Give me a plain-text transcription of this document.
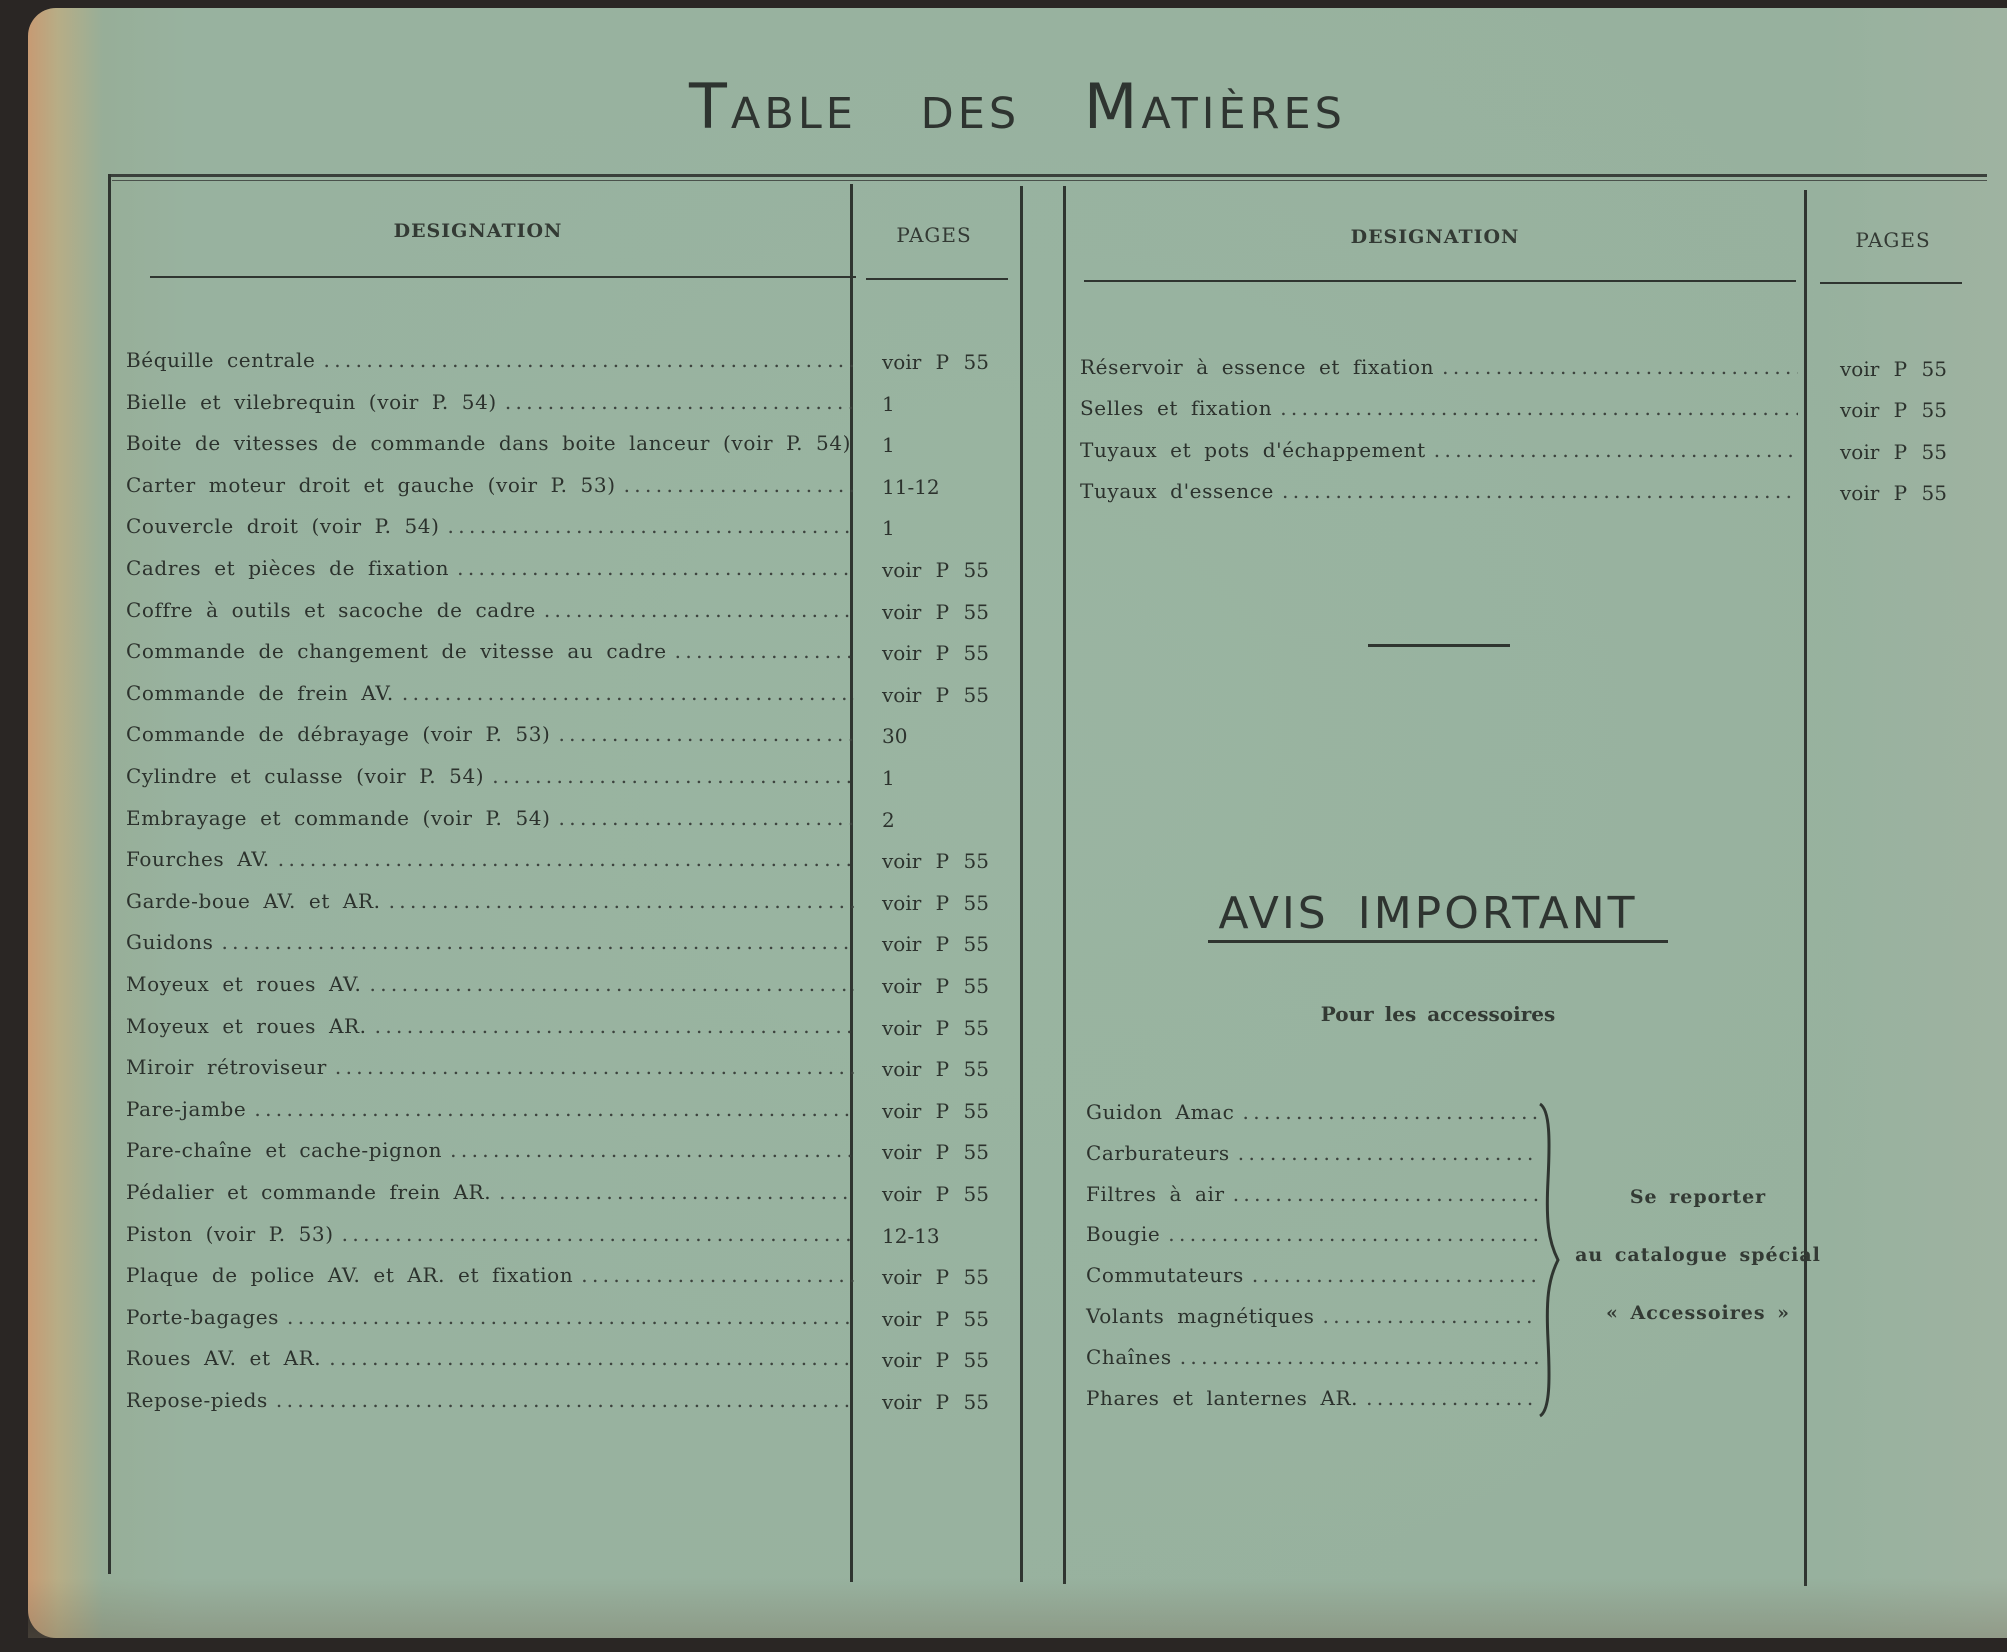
Table des Matières
DESIGNATION	PAGES	DESIGNATION	PAGES
Béquille centrale . . .	voir P 55
Bielle et vilebrequin (voir P. 54) . . .	1
Boite de vitesses de commande dans boite lanceur (voir P. 54) 1
Carter moteur droit et gauche (voir P. 53) . . .	11-12
Couvercle droit (voir P. 54) . . .	1
Cadres et pièces de fixation . . .	voir P 55
Coffre à outils et sacoche de cadre . . .	voir P 55
Commande de changement de vitesse au cadre . . .	voir P 55
Commande de frein AV. . . .	voir P 55
Commande de débrayage (voir P. 53) . . .	30
Cylindre et culasse (voir P. 54) . . .	1
Embrayage et commande (voir P. 54) . . .	2
Fourches AV. . . .	voir P 55
Garde-boue AV. et AR. . . .	voir P 55
Guidons . . .	voir P 55
Moyeux et roues AV. . . .	voir P 55
Moyeux et roues AR. . . .	voir P 55
Miroir rétroviseur . . .	voir P 55
Pare-jambe . . .	voir P 55
Pare-chaîne et cache-pignon . . .	voir P 55
Pédalier et commande frein AR. . . .	voir P 55
Piston (voir P. 53) . . .	12-13
Plaque de police AV. et AR. et fixation . . .	voir P 55
Porte-bagages . . .	voir P 55
Roues AV. et AR. . . .	voir P 55
Repose-pieds . . .	voir P 55
Réservoir à essence et fixation . . .	voir P 55
Selles et fixation . . .	voir P 55
Tuyaux et pots d'échappement . . .	voir P 55
Tuyaux d'essence . . .	voir P 55
AVIS IMPORTANT
Pour les accessoires
Guidon Amac
. . .
Carburateurs
. . .
Filtres à air
. . .
Bougie
. . .
Commutateurs
. . .
Volants magnétiques
. . .
Chaînes
. . .
Phares et lanternes AR.
. . .
Se reporter
au catalogue spécial
« Accessoires »
